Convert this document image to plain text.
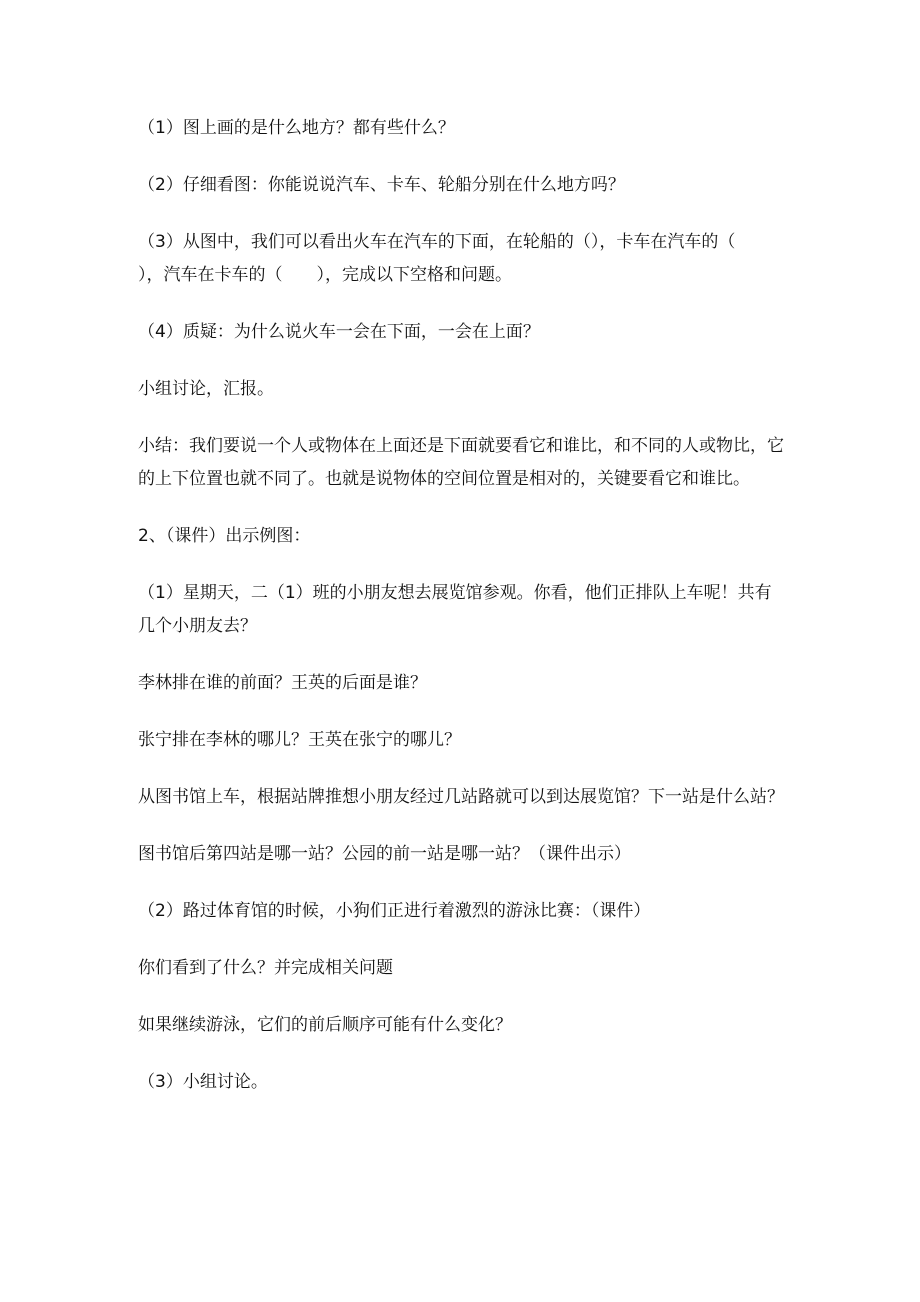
（1）图上画的是什么地方？都有些什么？

（2）仔细看图：你能说说汽车、卡车、轮船分别在什么地方吗？

（3）从图中，我们可以看出火车在汽车的下面，在轮船的（），卡车在汽车的（　　），汽车在卡车的（　　），完成以下空格和问题。

（4）质疑：为什么说火车一会在下面，一会在上面？

小组讨论，汇报。

小结：我们要说一个人或物体在上面还是下面就要看它和谁比，和不同的人或物比，它的上下位置也就不同了。也就是说物体的空间位置是相对的，关键要看它和谁比。

2、（课件）出示例图：

（1）星期天，二（1）班的小朋友想去展览馆参观。你看，他们正排队上车呢！共有几个小朋友去？

李林排在谁的前面？王英的后面是谁？

张宁排在李林的哪儿？王英在张宁的哪儿？

从图书馆上车，根据站牌推想小朋友经过几站路就可以到达展览馆？下一站是什么站？

图书馆后第四站是哪一站？公园的前一站是哪一站？（课件出示）

（2）路过体育馆的时候，小狗们正进行着激烈的游泳比赛：（课件）

你们看到了什么？并完成相关问题

如果继续游泳，它们的前后顺序可能有什么变化？

（3）小组讨论。
